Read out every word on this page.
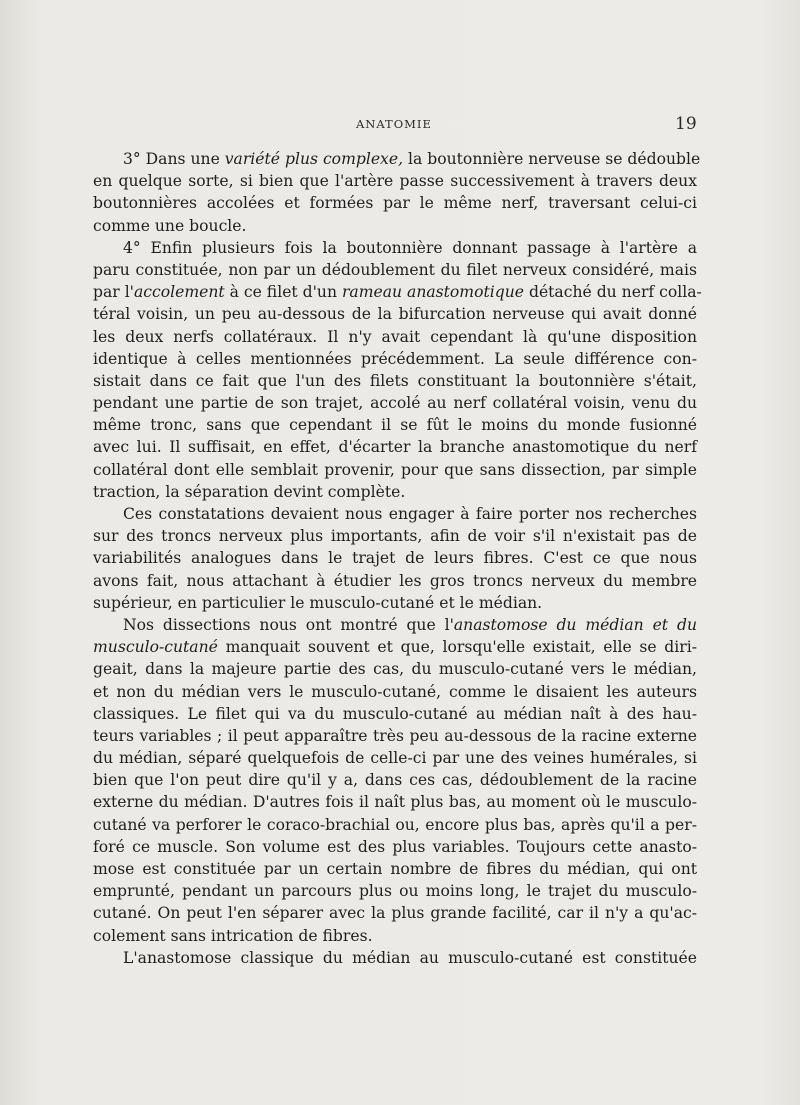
ANATOMIE	19
3° Dans une variété plus complexe, la boutonnière nerveuse se dédouble
en quelque sorte, si bien que l'artère passe successivement à travers deux
boutonnières accolées et formées par le même nerf, traversant celui-ci
comme une boucle.
4° Enfin plusieurs fois la boutonnière donnant passage à l'artère a
paru constituée, non par un dédoublement du filet nerveux considéré, mais
par l'accolement à ce filet d'un rameau anastomotique détaché du nerf colla-
téral voisin, un peu au-dessous de la bifurcation nerveuse qui avait donné
les deux nerfs collatéraux. Il n'y avait cependant là qu'une disposition
identique à celles mentionnées précédemment. La seule différence con-
sistait dans ce fait que l'un des filets constituant la boutonnière s'était,
pendant une partie de son trajet, accolé au nerf collatéral voisin, venu du
même tronc, sans que cependant il se fût le moins du monde fusionné
avec lui. Il suffisait, en effet, d'écarter la branche anastomotique du nerf
collatéral dont elle semblait provenir, pour que sans dissection, par simple
traction, la séparation devint complète.
Ces constatations devaient nous engager à faire porter nos recherches
sur des troncs nerveux plus importants, afin de voir s'il n'existait pas de
variabilités analogues dans le trajet de leurs fibres. C'est ce que nous
avons fait, nous attachant à étudier les gros troncs nerveux du membre
supérieur, en particulier le musculo-cutané et le médian.
Nos dissections nous ont montré que l'anastomose du médian et du
musculo-cutané manquait souvent et que, lorsqu'elle existait, elle se diri-
geait, dans la majeure partie des cas, du musculo-cutané vers le médian,
et non du médian vers le musculo-cutané, comme le disaient les auteurs
classiques. Le filet qui va du musculo-cutané au médian naît à des hau-
teurs variables ; il peut apparaître très peu au-dessous de la racine externe
du médian, séparé quelquefois de celle-ci par une des veines humérales, si
bien que l'on peut dire qu'il y a, dans ces cas, dédoublement de la racine
externe du médian. D'autres fois il naît plus bas, au moment où le musculo-
cutané va perforer le coraco-brachial ou, encore plus bas, après qu'il a per-
foré ce muscle. Son volume est des plus variables. Toujours cette anasto-
mose est constituée par un certain nombre de fibres du médian, qui ont
emprunté, pendant un parcours plus ou moins long, le trajet du musculo-
cutané. On peut l'en séparer avec la plus grande facilité, car il n'y a qu'ac-
colement sans intrication de fibres.
L'anastomose classique du médian au musculo-cutané est constituée
